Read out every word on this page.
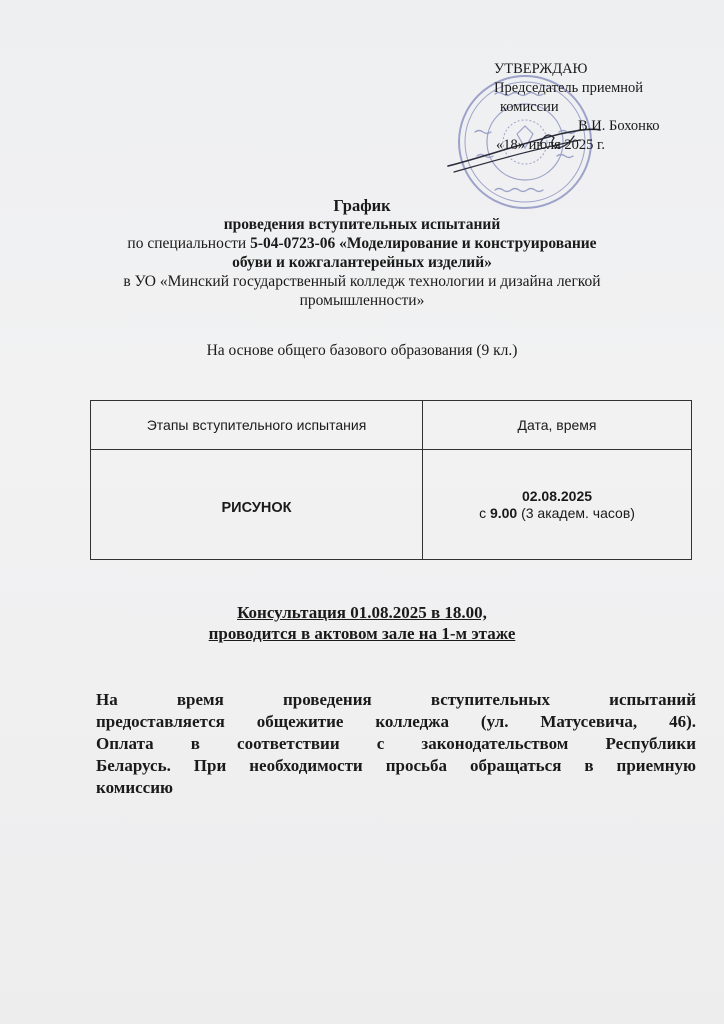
УТВЕРЖДАЮ
Председатель приемной
комиссии
В.И. Бохонко
«18» июля 2025 г.
График
проведения вступительных испытаний
по специальности 5-04-0723-06 «Моделирование и конструирование
обуви и кожгалантерейных изделий»
в УО «Минский государственный колледж технологии и дизайна легкой
промышленности»
На основе общего базового образования (9 кл.)
Этапы вступительного испытания	Дата, время
РИСУНОК	02.08.2025
с 9.00 (3 академ. часов)
Консультация 01.08.2025 в 18.00,
проводится в актовом зале на 1-м этаже
На время проведения вступительных испытаний
предоставляется общежитие колледжа (ул. Матусевича, 46).
Оплата в соответствии с законодательством Республики
Беларусь. При необходимости просьба обращаться в приемную
комиссию
